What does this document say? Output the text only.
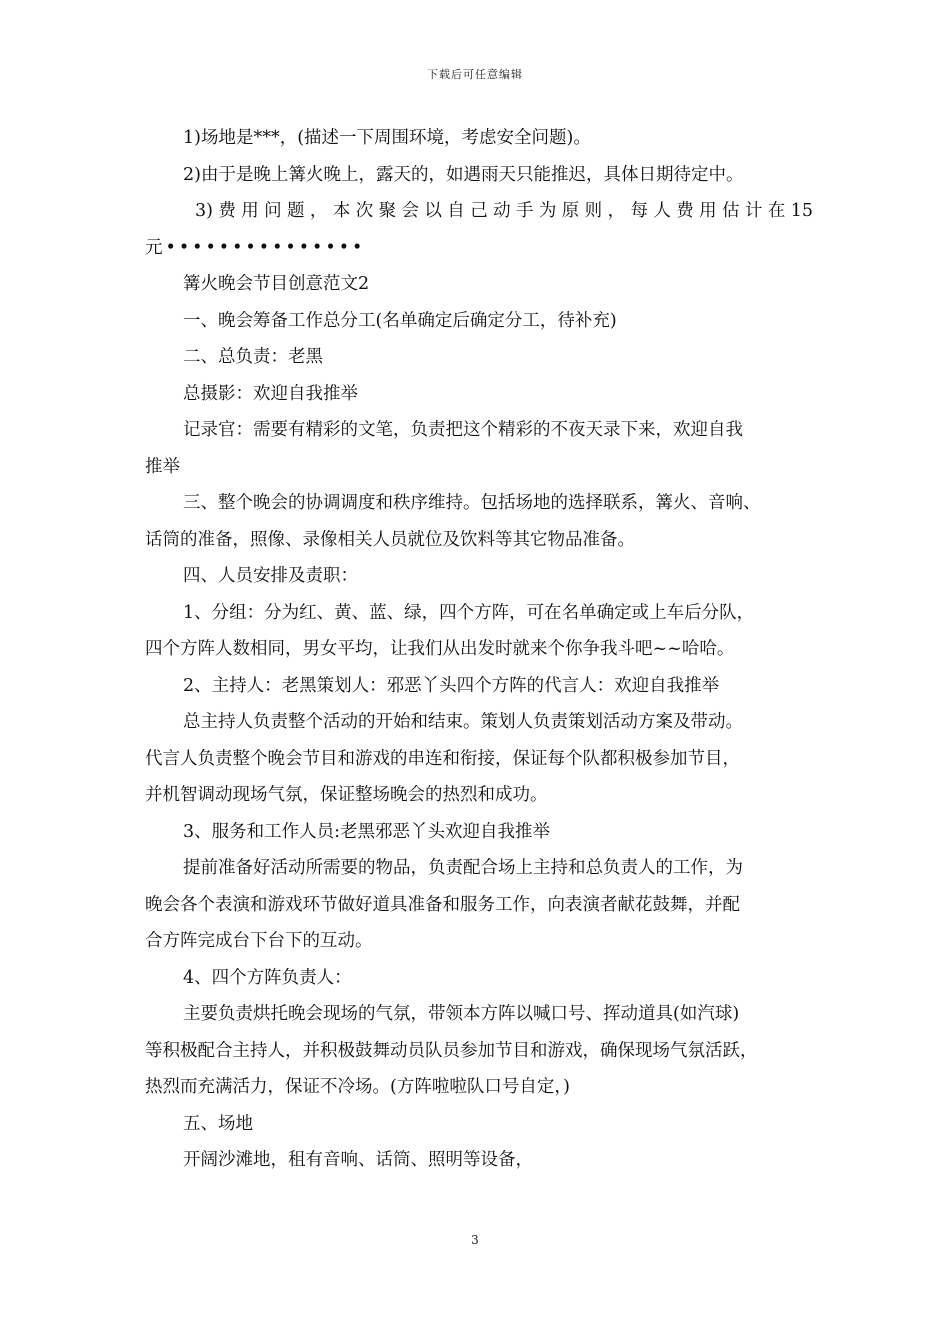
下载后可任意编辑

1)场地是***，(描述一下周围环境，考虑安全问题)。

2)由于是晚上篝火晚上，露天的，如遇雨天只能推迟，具体日期待定中。

3)费用问题，本次聚会以自己动手为原则，每人费用估计在15

元•••••••••••••••

篝火晚会节目创意范文2

一、晚会筹备工作总分工(名单确定后确定分工，待补充)

二、总负责：老黑

总摄影：欢迎自我推举

记录官：需要有精彩的文笔，负责把这个精彩的不夜天录下来，欢迎自我

推举

三、整个晚会的协调调度和秩序维持。包括场地的选择联系，篝火、音响、

话筒的准备，照像、录像相关人员就位及饮料等其它物品准备。

四、人员安排及责职：

1、分组：分为红、黄、蓝、绿，四个方阵，可在名单确定或上车后分队，

四个方阵人数相同，男女平均，让我们从出发时就来个你争我斗吧~~哈哈。

2、主持人：老黑策划人：邪恶丫头四个方阵的代言人：欢迎自我推举

总主持人负责整个活动的开始和结束。策划人负责策划活动方案及带动。

代言人负责整个晚会节目和游戏的串连和衔接，保证每个队都积极参加节目，

并机智调动现场气氛，保证整场晚会的热烈和成功。

3、服务和工作人员:老黑邪恶丫头欢迎自我推举

提前准备好活动所需要的物品，负责配合场上主持和总负责人的工作，为

晚会各个表演和游戏环节做好道具准备和服务工作，向表演者献花鼓舞，并配

合方阵完成台下台下的互动。

4、四个方阵负责人：

主要负责烘托晚会现场的气氛，带领本方阵以喊口号、挥动道具(如汽球)

等积极配合主持人，并积极鼓舞动员队员参加节目和游戏，确保现场气氛活跃，

热烈而充满活力，保证不冷场。(方阵啦啦队口号自定，)

五、场地

开阔沙滩地，租有音响、话筒、照明等设备，

3
